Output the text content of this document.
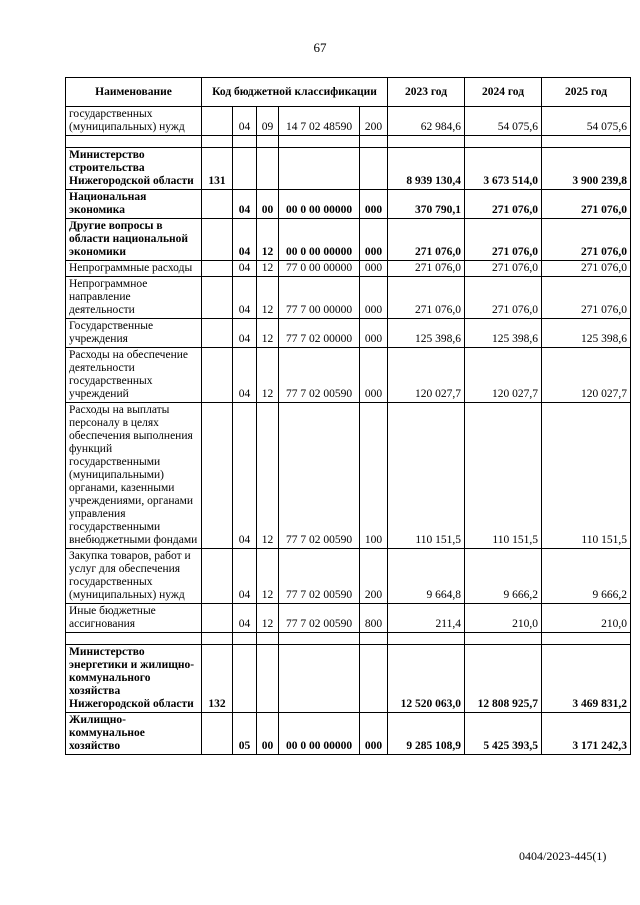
67
Наименование	Код бюджетной классификации					2023 год	2024 год	2025 год
государственных (муниципальных) нужд		04	09	14 7 02 48590	200	62 984,6	54 075,6	54 075,6

Министерство строительства Нижегородской области	131					8 939 130,4	3 673 514,0	3 900 239,8
Национальная экономика		04	00	00 0 00 00000	000	370 790,1	271 076,0	271 076,0
Другие вопросы в области национальной экономики		04	12	00 0 00 00000	000	271 076,0	271 076,0	271 076,0
Непрограммные расходы		04	12	77 0 00 00000	000	271 076,0	271 076,0	271 076,0
Непрограммное направление деятельности		04	12	77 7 00 00000	000	271 076,0	271 076,0	271 076,0
Государственные учреждения		04	12	77 7 02 00000	000	125 398,6	125 398,6	125 398,6
Расходы на обеспечение деятельности государственных учреждений		04	12	77 7 02 00590	000	120 027,7	120 027,7	120 027,7
Расходы на выплаты персоналу в целях обеспечения выполнения функций государственными (муниципальными) органами, казенными учреждениями, органами управления государственными внебюджетными фондами		04	12	77 7 02 00590	100	110 151,5	110 151,5	110 151,5
Закупка товаров, работ и услуг для обеспечения государственных (муниципальных) нужд		04	12	77 7 02 00590	200	9 664,8	9 666,2	9 666,2
Иные бюджетные ассигнования		04	12	77 7 02 00590	800	211,4	210,0	210,0

Министерство энергетики и жилищно-коммунального хозяйства Нижегородской области	132					12 520 063,0	12 808 925,7	3 469 831,2
Жилищно-коммунальное хозяйство		05	00	00 0 00 00000	000	9 285 108,9	5 425 393,5	3 171 242,3
0404/2023-445(1)
